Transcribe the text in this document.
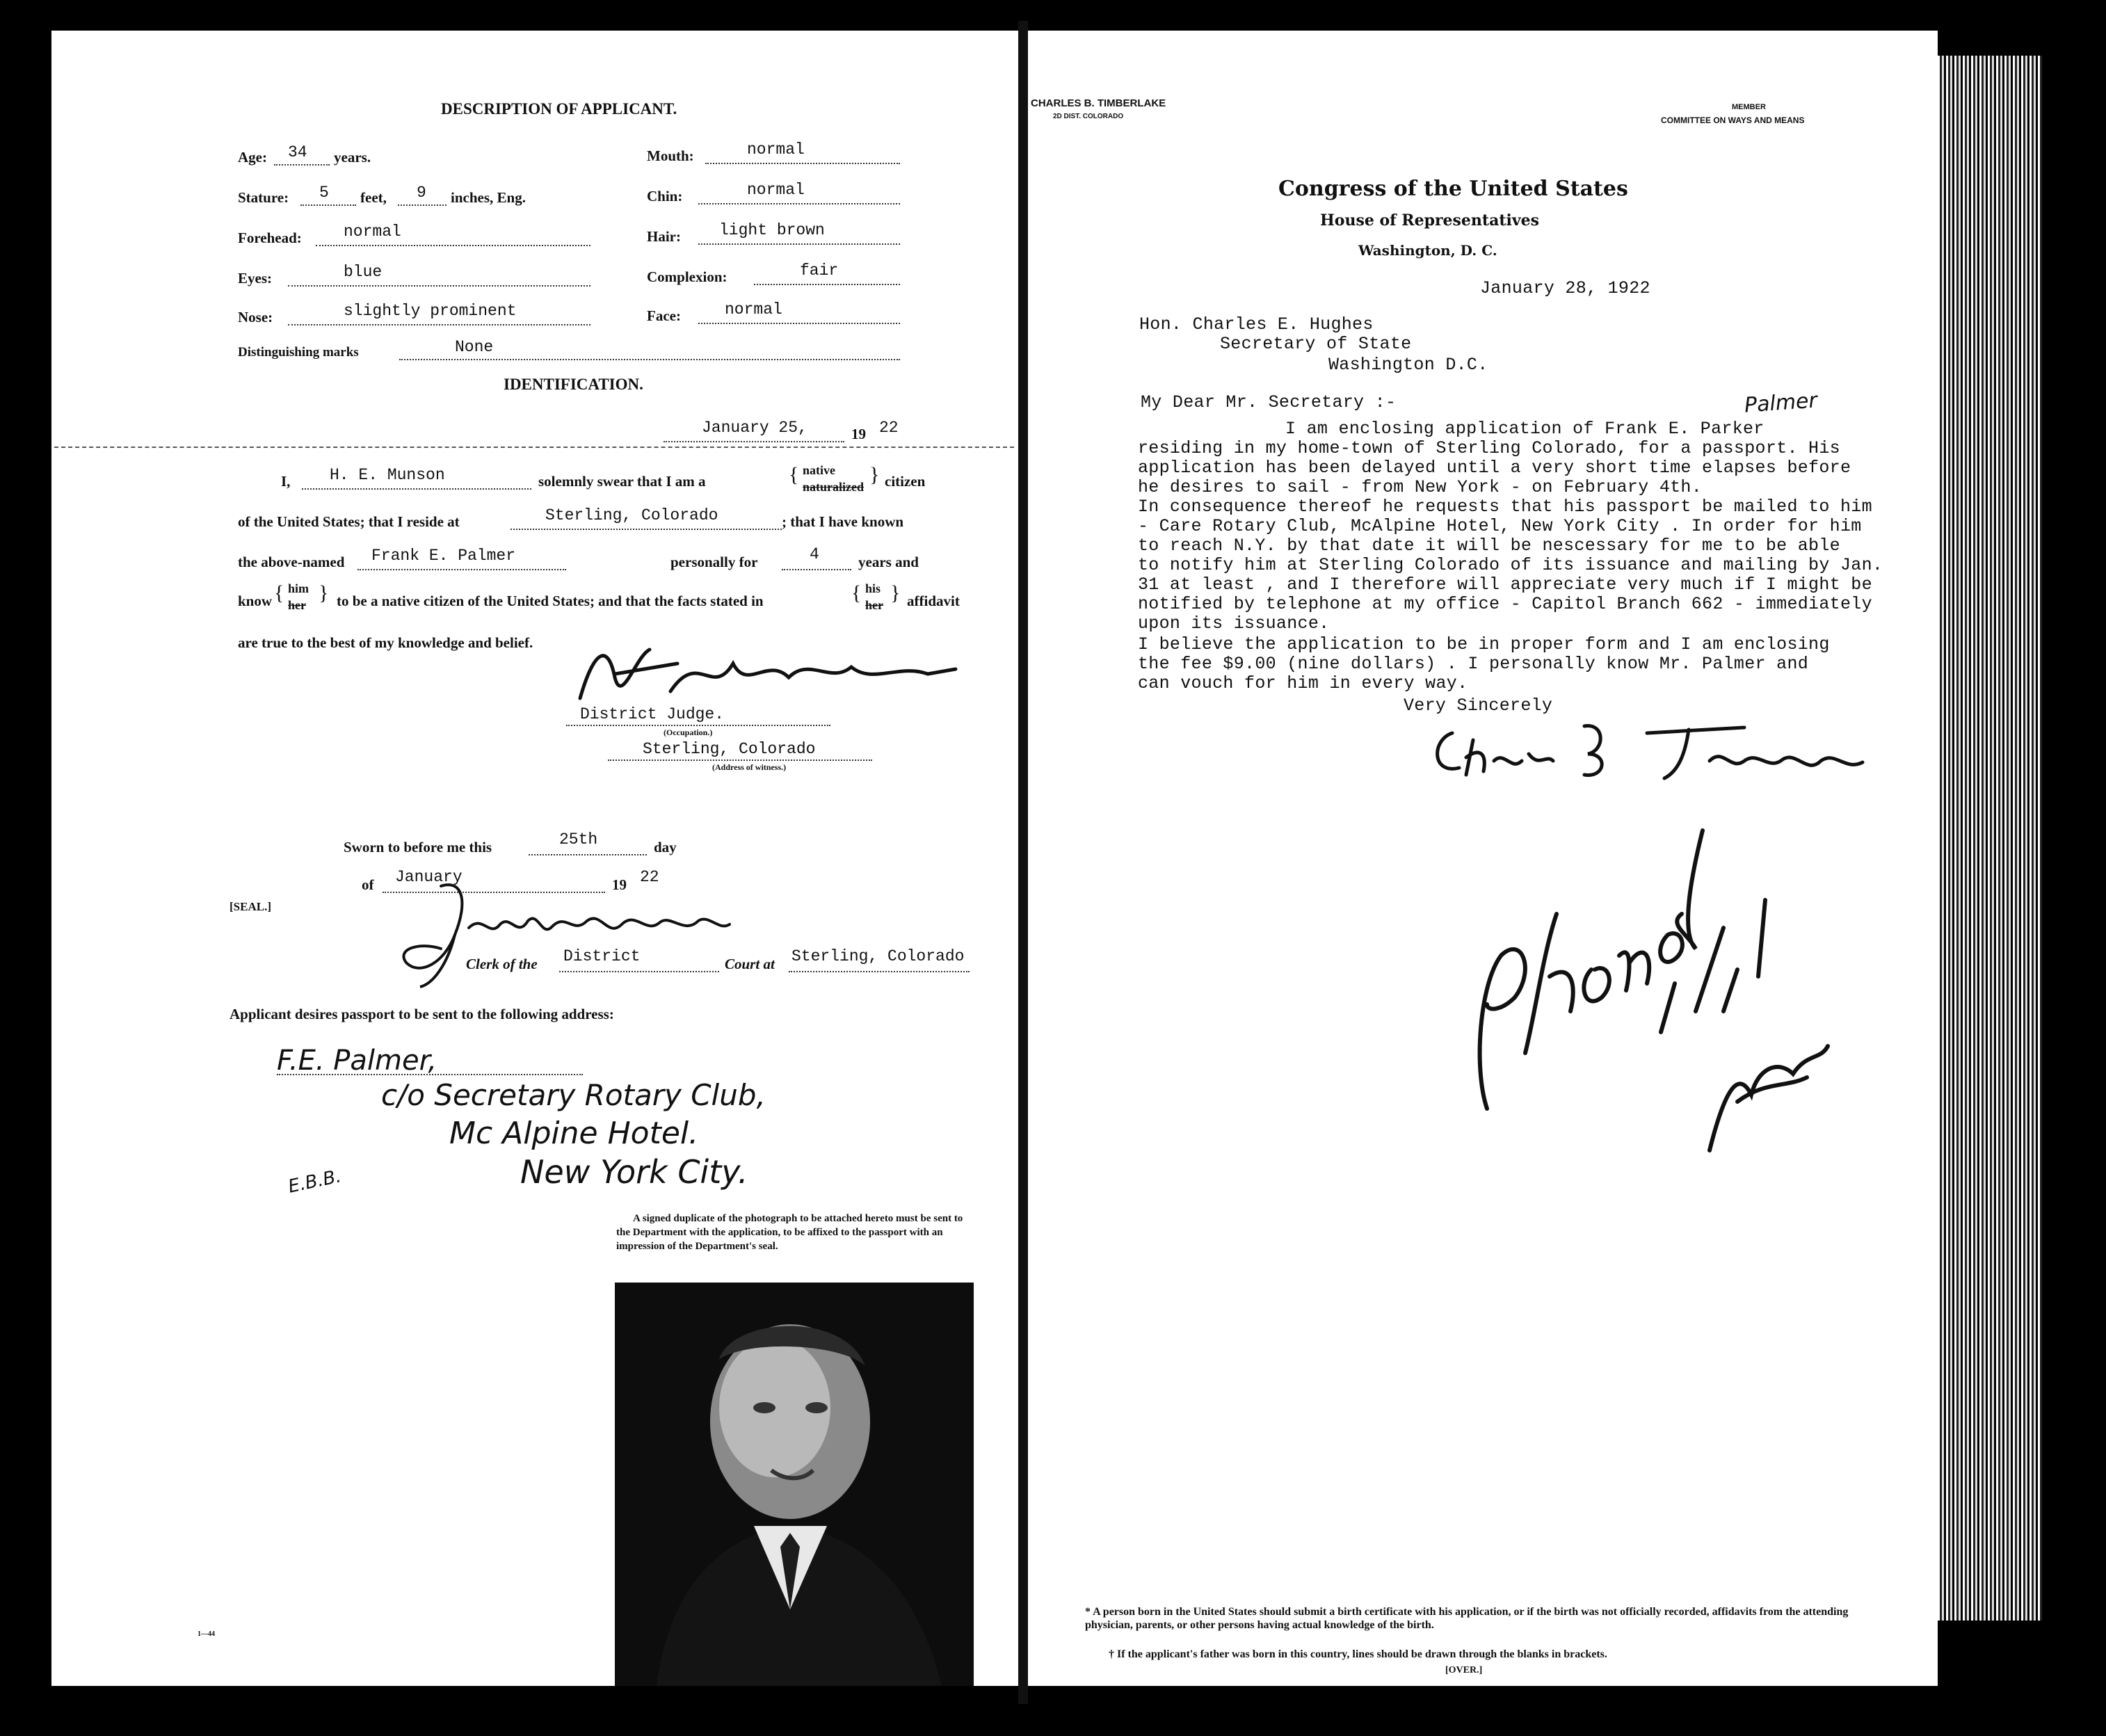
DESCRIPTION OF APPLICANT.
Age: 34 years.
Stature: 5 feet, 9 inches, Eng.
Forehead:	normal
Eyes:	blue
Nose:	slightly prominent
Distinguishing marks	None
Mouth:	normal
Chin:	normal
Hair: light brown
Complexion:	fair
Face:	normal
IDENTIFICATION.
January 25,	19 22
I, H. E. Munson	solemnly swear that I am a	{ native
naturalized
} citizen
of the United States; that I reside at	Sterling, Colorado	; that I have known
the above-named Frank E. Palmer	personally for	4	years and
know { him
her
} to be a native citizen of the United States; and that the facts stated in	{ his
her
} affidavit
are true to the best of my knowledge and belief.
District Judge.
(Occupation.)
Sterling, Colorado
(Address of witness.)
Sworn to before me this	25th	day
of January	19 22
[SEAL.]
Clerk of the District	Court at Sterling, Colorado
Applicant desires passport to be sent to the following address:
F.E. Palmer,
c/o Secretary Rotary Club,
Mc Alpine Hotel.
New York City.
E.B.B.
A signed duplicate of the photograph to be attached hereto must be sent to the Department with the application, to be affixed to the passport with an impression of the Department's seal.
1—44
CHARLES B. TIMBERLAKE
2D DIST. COLORADO
MEMBER
COMMITTEE ON WAYS AND MEANS
Congress of the United States
House of Representatives
Washington, D. C.
January 28, 1922
Hon. Charles E. Hughes
Secretary of State
Washington D.C.
My Dear Mr. Secretary :-	Palmer
I am enclosing application of Frank E. Parker
residing in my home-town of Sterling Colorado, for a passport. His
application has been delayed until a very short time elapses before
he desires to sail - from New York - on February 4th.
In consequence thereof he requests that his passport be mailed to him
- Care Rotary Club, McAlpine Hotel, New York City . In order for him
to reach N.Y. by that date it will be nescessary for me to be able
to notify him at Sterling Colorado of its issuance and mailing by Jan.
31 at least , and I therefore will appreciate very much if I might be
notified by telephone at my office - Capitol Branch 662 - immediately
upon its issuance.
I believe the application to be in proper form and I am enclosing
the fee $9.00 (nine dollars) . I personally know Mr. Palmer and
can vouch for him in every way.
Very Sincerely
* A person born in the United States should submit a birth certificate with his application, or if the birth was not officially recorded, affidavits from the attending physician, parents, or other persons having actual knowledge of the birth.
† If the applicant's father was born in this country, lines should be drawn through the blanks in brackets.
[OVER.]
